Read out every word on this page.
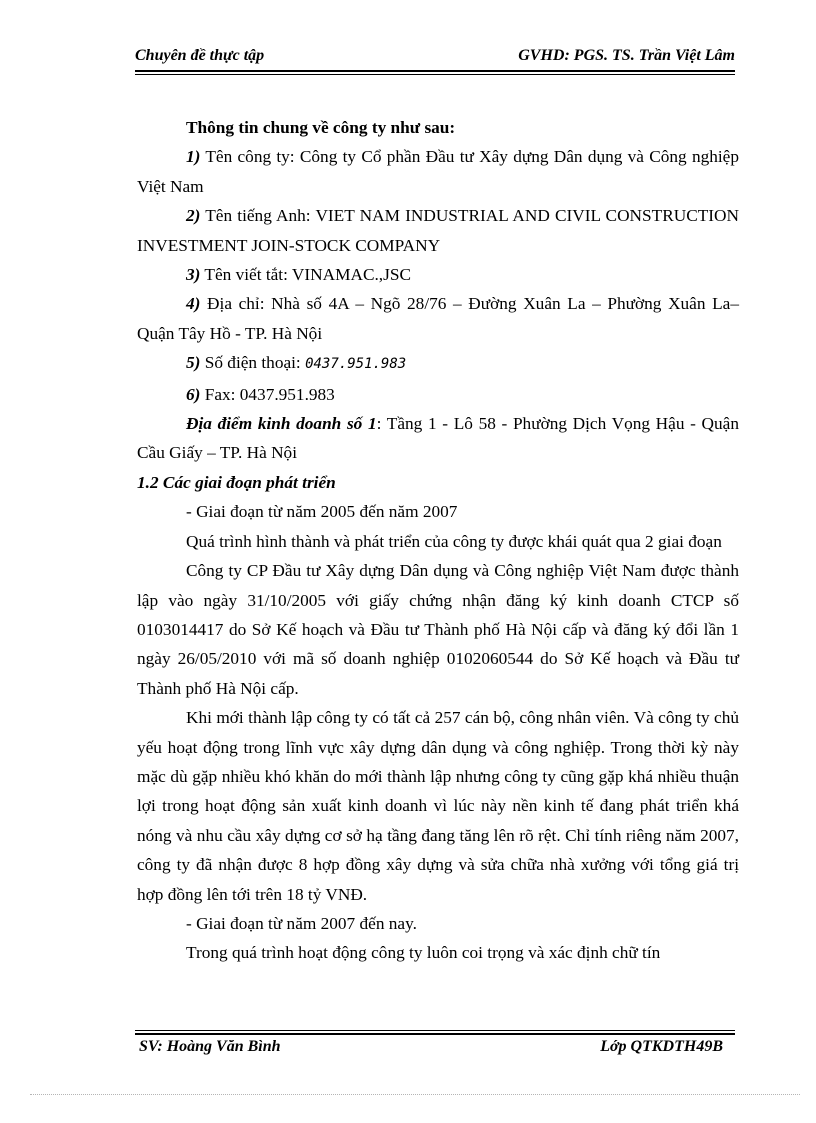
Chuyên đề thực tập	GVHD: PGS. TS. Trần Việt Lâm

Thông tin chung về công ty như sau:

1) Tên công ty: Công ty Cổ phần Đầu tư Xây dựng Dân dụng và Công nghiệp Việt Nam

2) Tên tiếng Anh: VIET NAM INDUSTRIAL AND CIVIL CONSTRUCTION INVESTMENT JOIN-STOCK COMPANY

3) Tên viết tắt: VINAMAC.,JSC

4) Địa chỉ: Nhà số 4A – Ngõ 28/76 – Đường Xuân La – Phường Xuân La– Quận Tây Hồ - TP. Hà Nội

5) Số điện thoại: 0437.951.983

6) Fax: 0437.951.983

Địa điểm kinh doanh số 1: Tầng 1 - Lô 58 - Phường Dịch Vọng Hậu - Quận Cầu Giấy – TP. Hà Nội

1.2 Các giai đoạn phát triển

- Giai đoạn từ năm 2005 đến năm 2007

Quá trình hình thành và phát triển của công ty được khái quát qua 2 giai đoạn

Công ty CP Đầu tư Xây dựng Dân dụng và Công nghiệp Việt Nam được thành lập vào ngày 31/10/2005 với giấy chứng nhận đăng ký kinh doanh CTCP số 0103014417 do Sở Kế hoạch và Đầu tư Thành phố Hà Nội cấp và đăng ký đổi lần 1 ngày 26/05/2010 với mã số doanh nghiệp 0102060544 do Sở Kế hoạch và Đầu tư Thành phố Hà Nội cấp.

Khi mới thành lập công ty có tất cả 257 cán bộ, công nhân viên. Và công ty chủ yếu hoạt động trong lĩnh vực xây dựng dân dụng và công nghiệp. Trong thời kỳ này mặc dù gặp nhiều khó khăn do mới thành lập nhưng công ty cũng gặp khá nhiều thuận lợi trong hoạt động sản xuất kinh doanh vì lúc này nền kinh tế đang phát triển khá nóng và nhu cầu xây dựng cơ sở hạ tầng đang tăng lên rõ rệt. Chỉ tính riêng năm 2007, công ty đã nhận được 8 hợp đồng xây dựng và sửa chữa nhà xưởng với tổng giá trị hợp đồng lên tới trên 18 tỷ VNĐ.

- Giai đoạn từ năm 2007 đến nay.

Trong quá trình hoạt động công ty luôn coi trọng và xác định chữ tín

SV: Hoàng Văn Bình	Lớp QTKDTH49B
